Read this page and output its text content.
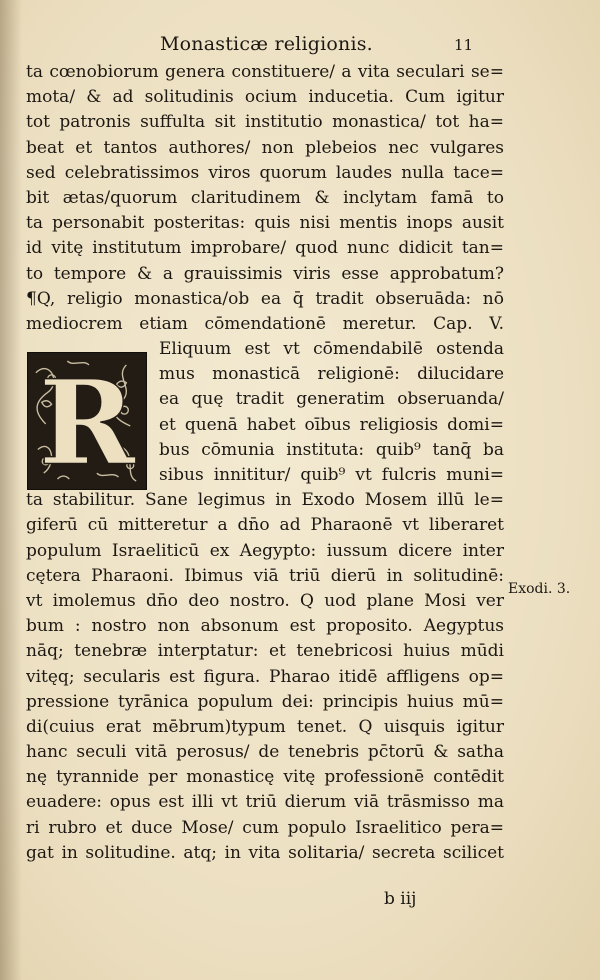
Monasticæ religionis.	11
ta cœnobiorum genera constituere/ a vita seculari se=
mota/ & ad solitudinis ocium inducetia. Cum igitur
tot patronis suffulta sit institutio monastica/ tot ha=
beat et tantos authores/ non plebeios nec vulgares
sed celebratissimos viros quorum laudes nulla tace=
bit ætas/quorum claritudinem & inclytam famā to
ta personabit posteritas: quis nisi mentis inops ausit
id vitę institutum improbare/ quod nunc didicit tan=
to tempore & a grauissimis viris esse approbatum?
¶Q, religio monastica/ob ea q̄ tradit obseruāda: nō
mediocrem etiam cōmendationē meretur. Cap. V.
Eliquum est vt cōmendabilē ostenda
mus monasticā religionē: dilucidare
ea quę tradit generatim obseruanda/
et quenā habet oībus religiosis domi=
bus cōmunia instituta: quib⁹ tanq̄ ba
sibus innititur/ quib⁹ vt fulcris muni=
ta stabilitur. Sane legimus in Exodo Mosem illū le=
giferū cū mitteretur a dn̄o ad Pharaonē vt liberaret
populum Israeliticū ex Aegypto: iussum dicere inter
cętera Pharaoni. Ibimus viā triū dierū in solitudinē:
vt imolemus dn̄o deo nostro. Q uod plane Mosi ver
bum : nostro non absonum est proposito. Aegyptus
nāq; tenebræ interptatur: et tenebricosi huius mūdi
vitęq; secularis est figura. Pharao itidē affligens op=
pressione tyrānica populum dei: principis huius mū=
di(cuius erat mēbrum)typum tenet. Q uisquis igitur
hanc seculi vitā perosus/ de tenebris pc̄torū & satha
nę tyrannide per monasticę vitę professionē contēdit
euadere: opus est illi vt triū dierum viā trāsmisso ma
ri rubro et duce Mose/ cum populo Israelitico pera=
gat in solitudine. atq; in vita solitaria/ secreta scilicet
R
Exodi. 3.
b iij
